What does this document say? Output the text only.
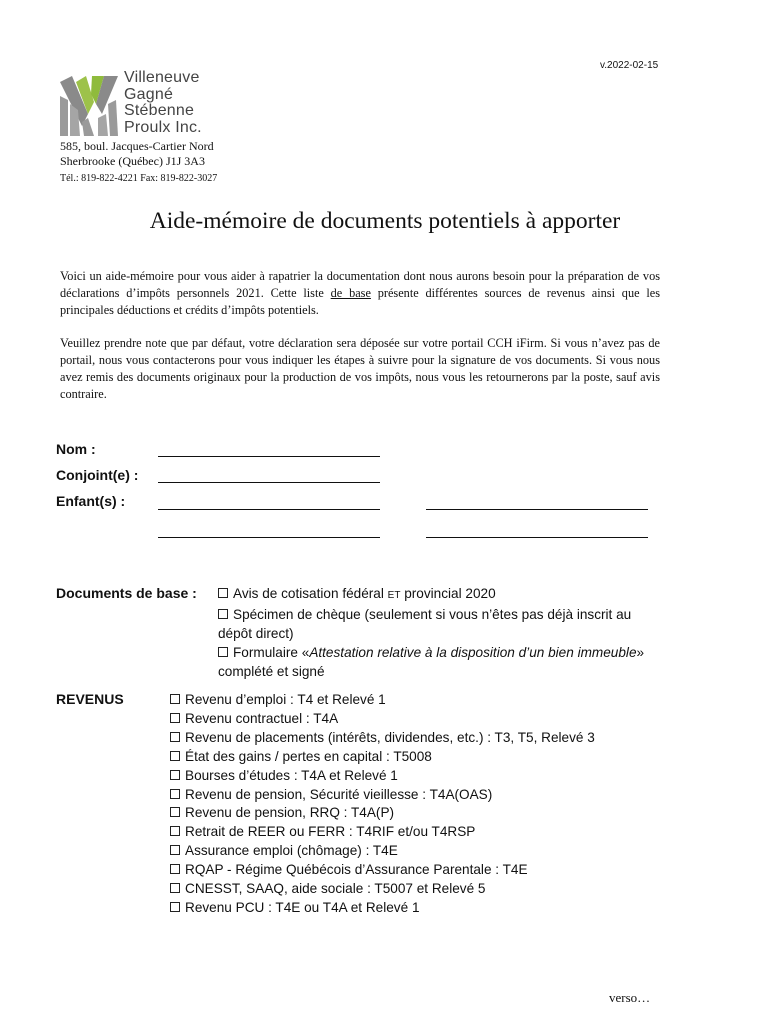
v.2022-02-15
Villeneuve
Gagné
Stébenne
Proulx Inc.
585, boul. Jacques-Cartier Nord
Sherbrooke (Québec) J1J 3A3
Tél.: 819-822-4221 Fax: 819-822-3027
Aide-mémoire de documents potentiels à apporter
Voici un aide-mémoire pour vous aider à rapatrier la documentation dont nous aurons besoin pour la préparation de vos déclarations d’impôts personnels 2021. Cette liste de base présente différentes sources de revenus ainsi que les principales déductions et crédits d’impôts potentiels.
Veuillez prendre note que par défaut, votre déclaration sera déposée sur votre portail CCH iFirm. Si vous n’avez pas de portail, nous vous contacterons pour vous indiquer les étapes à suivre pour la signature de vos documents. Si vous nous avez remis des documents originaux pour la production de vos impôts, nous vous les retournerons par la poste, sauf avis contraire.
Nom :
Conjoint(e) :
Enfant(s) :
Documents de base :	Avis de cotisation fédéral ET provincial 2020
Spécimen de chèque (seulement si vous n’êtes pas déjà inscrit au dépôt direct)
Formulaire «Attestation relative à la disposition d’un bien immeuble» complété et signé
REVENUS	Revenu d’emploi : T4 et Relevé 1
Revenu contractuel : T4A
Revenu de placements (intérêts, dividendes, etc.) : T3, T5, Relevé 3
État des gains / pertes en capital : T5008
Bourses d’études : T4A et Relevé 1
Revenu de pension, Sécurité vieillesse : T4A(OAS)
Revenu de pension, RRQ : T4A(P)
Retrait de REER ou FERR : T4RIF et/ou T4RSP
Assurance emploi (chômage) : T4E
RQAP - Régime Québécois d’Assurance Parentale : T4E
CNESST, SAAQ, aide sociale : T5007 et Relevé 5
Revenu PCU : T4E ou T4A et Relevé 1
verso…
